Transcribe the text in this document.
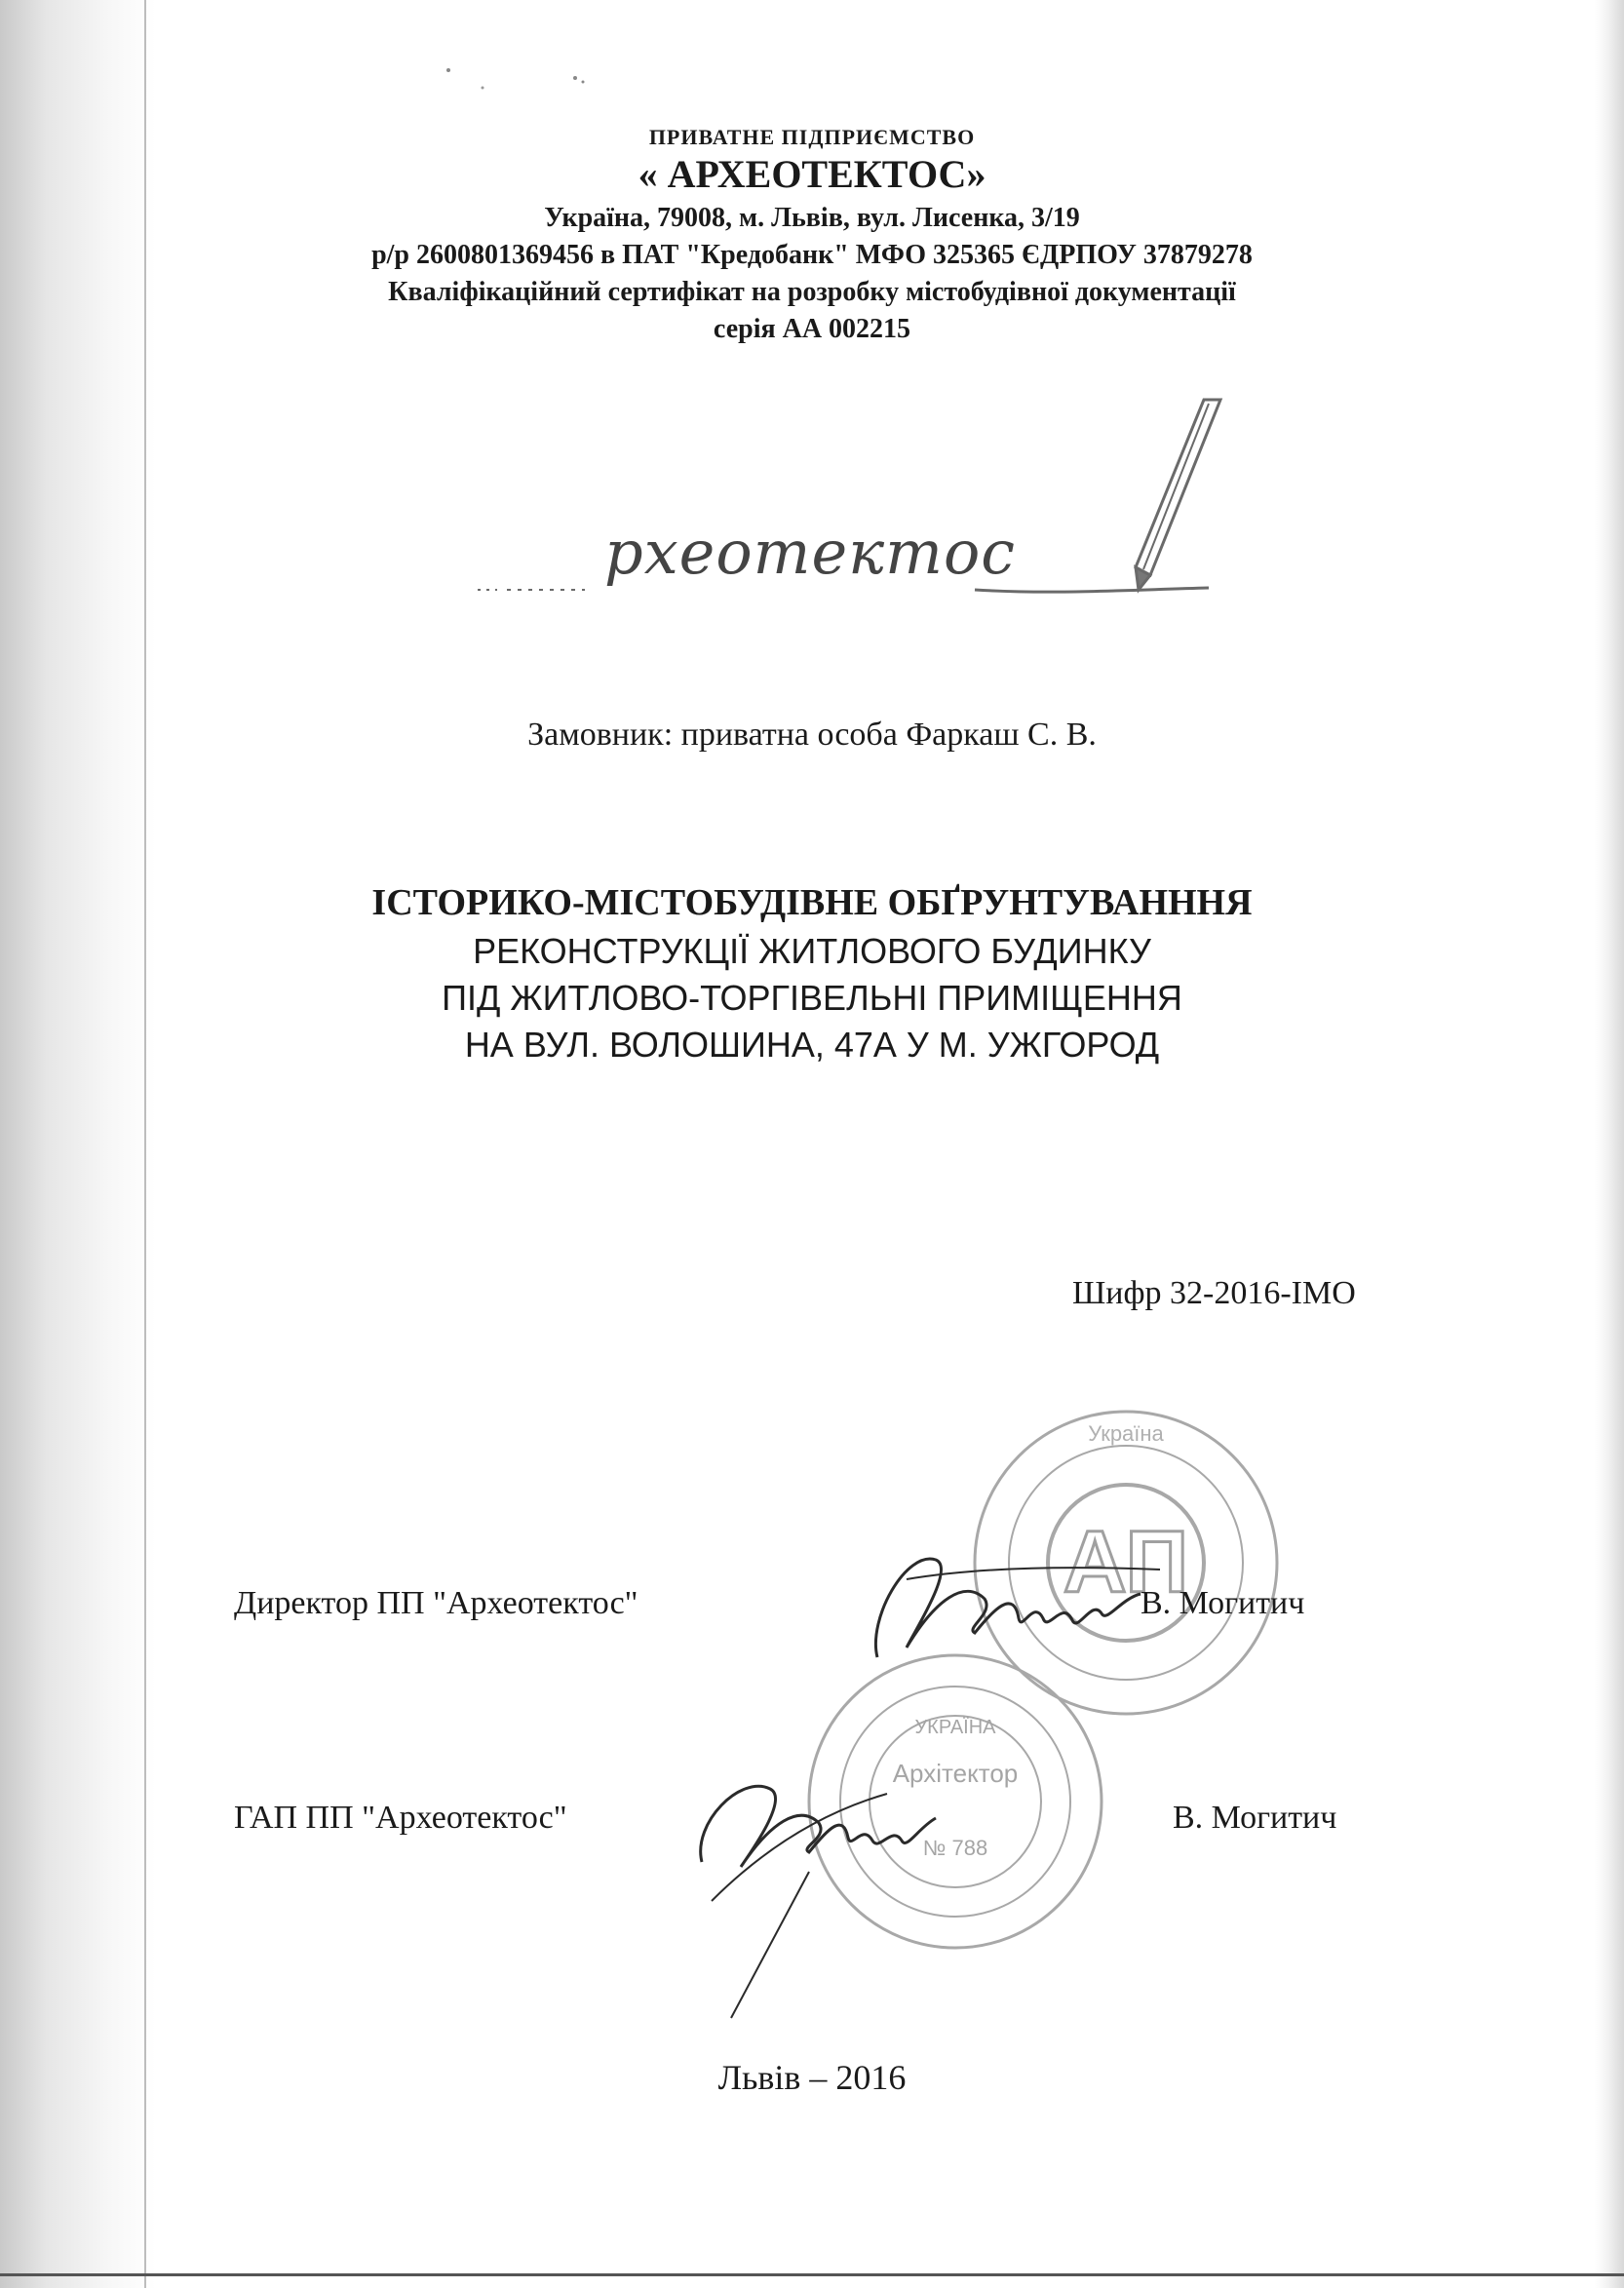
ПРИВАТНЕ ПІДПРИЄМСТВО
« АРХЕОТЕКТОС»
Україна, 79008, м. Львів, вул. Лисенка, 3/19
р/р 2600801369456 в ПАТ "Кредобанк" МФО 325365 ЄДРПОУ 37879278
Кваліфікаційний сертифікат на розробку містобудівної документації
серія АА 002215
рхеотектос
Замовник: приватна особа Фаркаш С. В.
ІСТОРИКО-МІСТОБУДІВНЕ ОБҐРУНТУВАНННЯ
РЕКОНСТРУКЦІЇ ЖИТЛОВОГО БУДИНКУ
ПІД ЖИТЛОВО-ТОРГІВЕЛЬНІ ПРИМІЩЕННЯ
НА ВУЛ. ВОЛОШИНА, 47А У М. УЖГОРОД
Шифр 32-2016-ІМО
АП
Україна
УКРАЇНА
Архітектор
№ 788
Директор ПП "Археотектос"	В. Могитич
ГАП ПП "Археотектос"	В. Могитич
Львів – 2016
